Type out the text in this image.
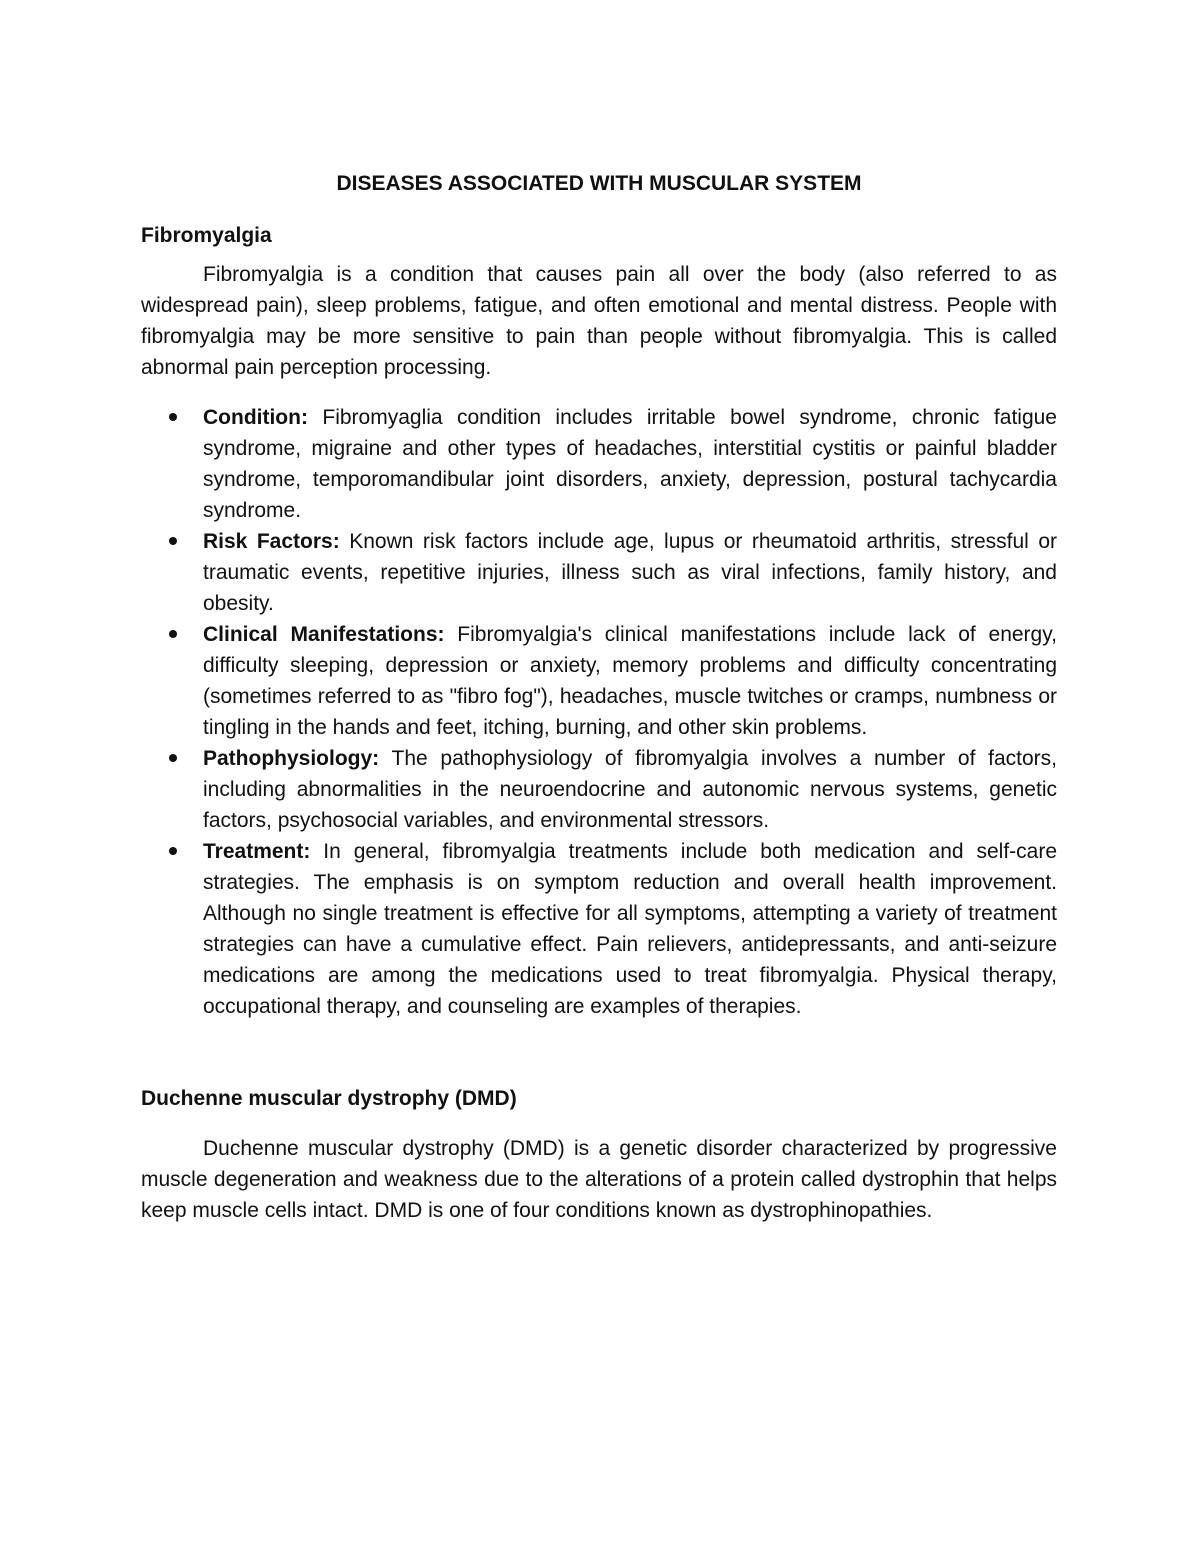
DISEASES ASSOCIATED WITH MUSCULAR SYSTEM
Fibromyalgia

Fibromyalgia is a condition that causes pain all over the body (also referred to as widespread pain), sleep problems, fatigue, and often emotional and mental distress. People with fibromyalgia may be more sensitive to pain than people without fibromyalgia. This is called abnormal pain perception processing.

Condition: Fibromyaglia condition includes irritable bowel syndrome, chronic fatigue syndrome, migraine and other types of headaches, interstitial cystitis or painful bladder syndrome, temporomandibular joint disorders, anxiety, depression, postural tachycardia syndrome.
Risk Factors: Known risk factors include age, lupus or rheumatoid arthritis, stressful or traumatic events, repetitive injuries, illness such as viral infections, family history, and obesity.
Clinical Manifestations: Fibromyalgia's clinical manifestations include lack of energy, difficulty sleeping, depression or anxiety, memory problems and difficulty concentrating (sometimes referred to as "fibro fog"), headaches, muscle twitches or cramps, numbness or tingling in the hands and feet, itching, burning, and other skin problems.
Pathophysiology: The pathophysiology of fibromyalgia involves a number of factors, including abnormalities in the neuroendocrine and autonomic nervous systems, genetic factors, psychosocial variables, and environmental stressors.
Treatment: In general, fibromyalgia treatments include both medication and self-care strategies. The emphasis is on symptom reduction and overall health improvement. Although no single treatment is effective for all symptoms, attempting a variety of treatment strategies can have a cumulative effect. Pain relievers, antidepressants, and anti-seizure medications are among the medications used to treat fibromyalgia. Physical therapy, occupational therapy, and counseling are examples of therapies.
Duchenne muscular dystrophy (DMD)

Duchenne muscular dystrophy (DMD) is a genetic disorder characterized by progressive muscle degeneration and weakness due to the alterations of a protein called dystrophin that helps keep muscle cells intact. DMD is one of four conditions known as dystrophinopathies.
